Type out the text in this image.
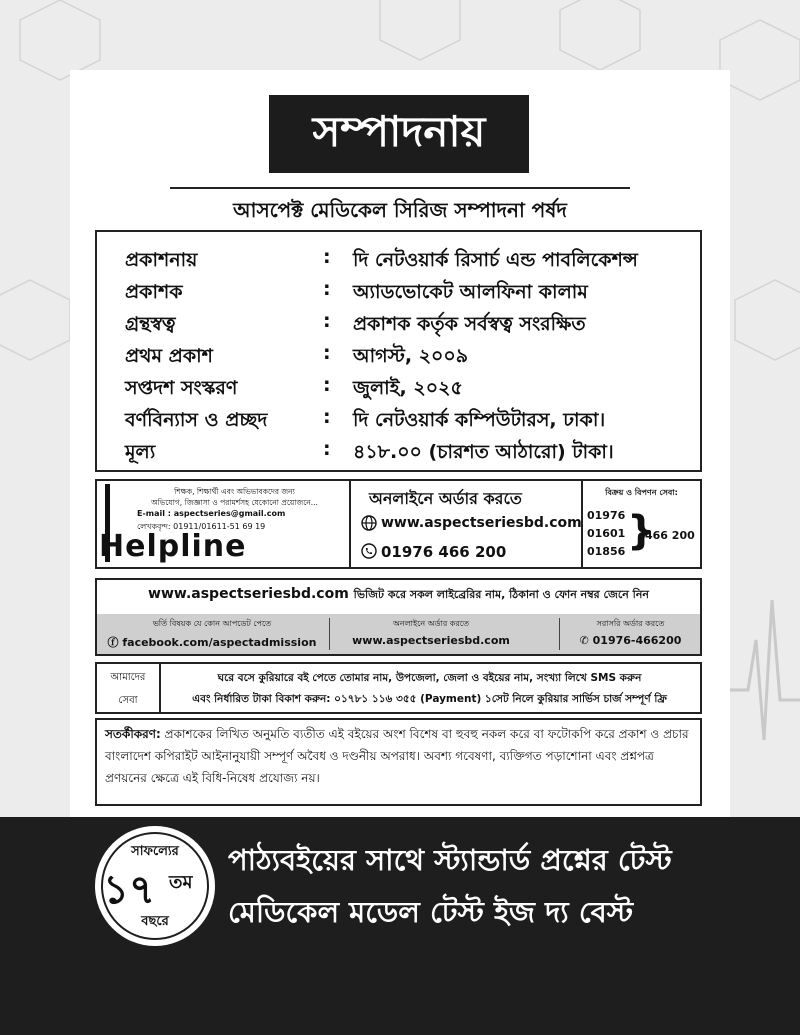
সম্পাদনায়
আসপেক্ট মেডিকেল সিরিজ সম্পাদনা পর্ষদ
প্রকাশনায়	: দি নেটওয়ার্ক রিসার্চ এন্ড পাবলিকেশন্স
প্রকাশক	: অ্যাডভোকেট আলফিনা কালাম
গ্রন্থস্বত্ব	: প্রকাশক কর্তৃক সর্বস্বত্ব সংরক্ষিত
প্রথম প্রকাশ	: আগস্ট, ২০০৯
সপ্তদশ সংস্করণ	: জুলাই, ২০২৫
বর্ণবিন্যাস ও প্রচ্ছদ	: দি নেটওয়ার্ক কম্পিউটারস, ঢাকা।
মূল্য	: ৪১৮.০০ (চারশত আঠারো) টাকা।
শিক্ষক, শিক্ষার্থী এবং অভিভাবকদের জন্য
অভিযোগ, জিজ্ঞাসা ও পরামর্শসহ যেকোনো প্রয়োজনে...
E-mail : aspectseries@gmail.com
লেখকবৃন্দ: 01911/01611-51 69 19
Helpline
অনলাইনে অর্ডার করতে
www.aspectseriesbd.com
01976 466 200
বিক্রয় ও বিপণন সেবা:
01976
01601
01856 }
466 200
www.aspectseriesbd.com ভিজিট করে সকল লাইব্রেরির নাম, ঠিকানা ও ফোন নম্বর জেনে নিন
ভর্তি বিষয়ক যে কোন আপডেট পেতে
ⓕ facebook.com/aspectadmission
অনলাইনে অর্ডার করতে
www.aspectseriesbd.com
সরাসরি অর্ডার করতে
✆ 01976-466200
আমাদের
সেবা
ঘরে বসে কুরিয়ারে বই পেতে তোমার নাম, উপজেলা, জেলা ও বইয়ের নাম, সংখ্যা লিখে SMS করুন
এবং নির্ধারিত টাকা বিকাশ করুন: ০১৭৮১ ১১৬ ৩৫৫ (Payment) ১সেট নিলে কুরিয়ার সার্ভিস চার্জ সম্পূর্ণ ফ্রি
সতর্কীকরণ: প্রকাশকের লিখিত অনুমতি ব্যতীত এই বইয়ের অংশ বিশেষ বা হুবহু নকল করে বা ফটোকপি করে প্রকাশ ও প্রচার বাংলাদেশ কপিরাইট আইনানুযায়ী সম্পূর্ণ অবৈধ ও দণ্ডনীয় অপরাধ। অবশ্য গবেষণা, ব্যক্তিগত পড়াশোনা এবং প্রশ্নপত্র প্রণয়নের ক্ষেত্রে এই বিধি-নিষেধ প্রযোজ্য নয়।
সাফল্যের
১৭ তম
বছরে
পাঠ্যবইয়ের সাথে স্ট্যান্ডার্ড প্রশ্নের টেস্ট
মেডিকেল মডেল টেস্ট ইজ দ্য বেস্ট
